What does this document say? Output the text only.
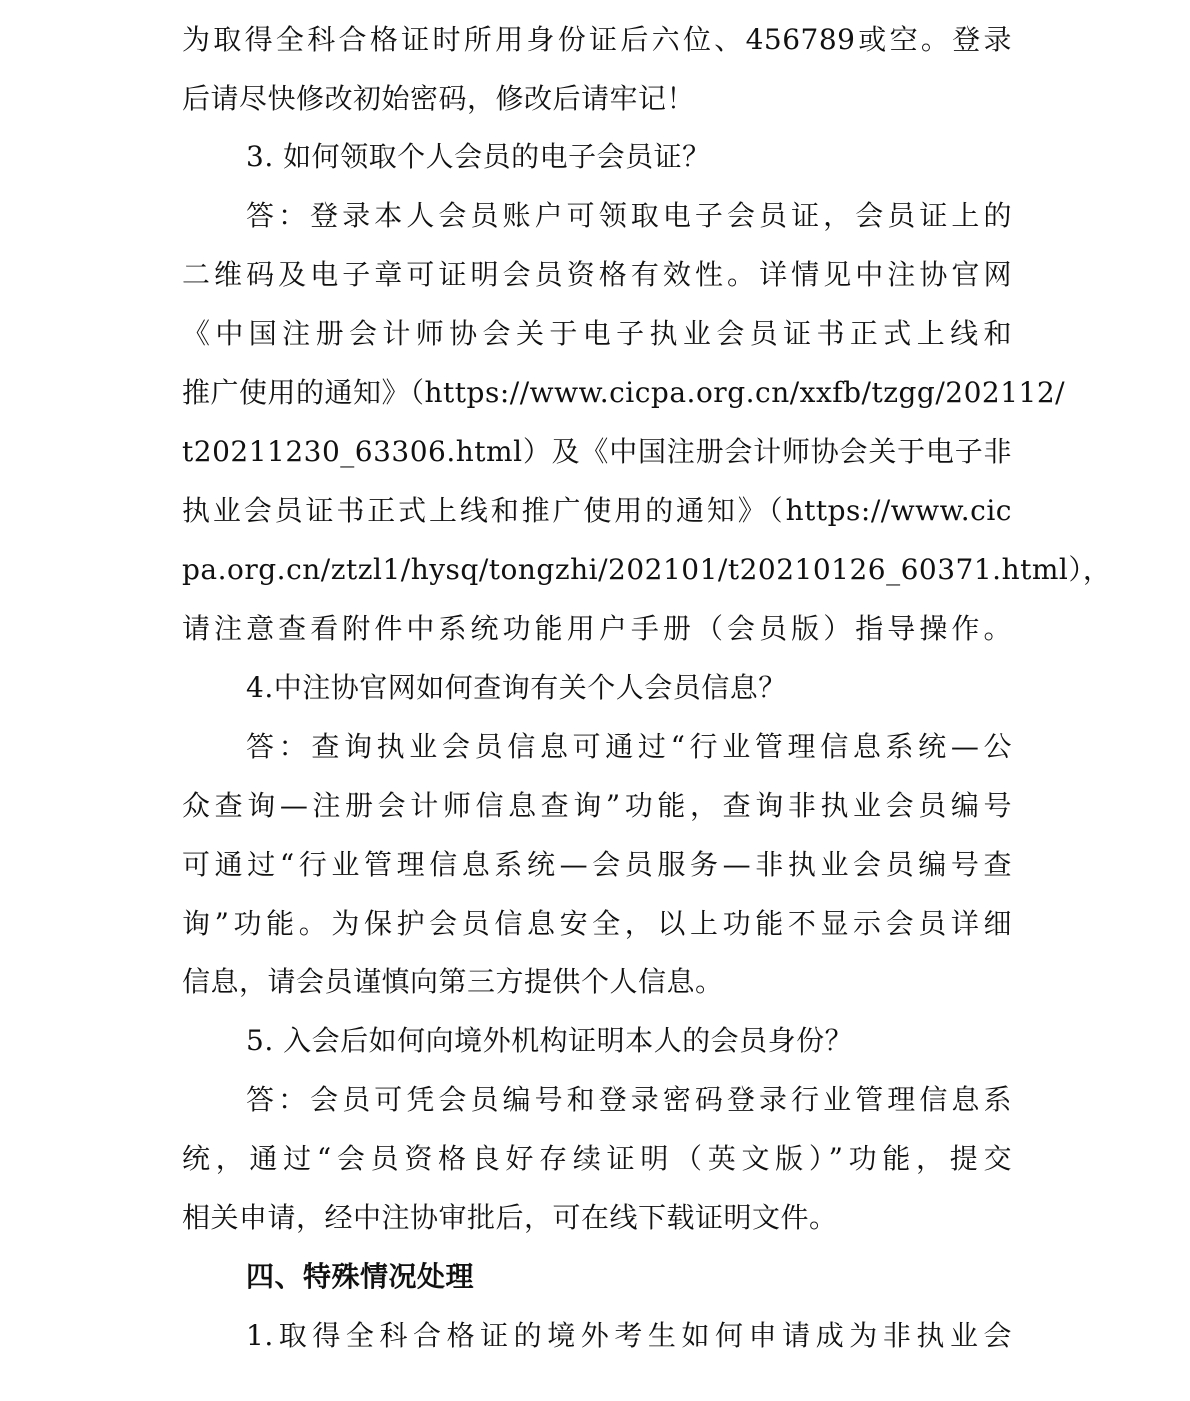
为取得全科合格证时所用身份证后六位、456789或空。登录
后请尽快修改初始密码，修改后请牢记！
3. 如何领取个人会员的电子会员证？
答：登录本人会员账户可领取电子会员证，会员证上的
二维码及电子章可证明会员资格有效性。详情见中注协官网
《中国注册会计师协会关于电子执业会员证书正式上线和
推广使用的通知》（https://www.cicpa.org.cn/xxfb/tzgg/202112/
t20211230_63306.html）及《中国注册会计师协会关于电子非
执业会员证书正式上线和推广使用的通知》（https://www.cic
pa.org.cn/ztzl1/hysq/tongzhi/202101/t20210126_60371.html），
请注意查看附件中系统功能用户手册（会员版）指导操作。
4.中注协官网如何查询有关个人会员信息？
答：查询执业会员信息可通过“行业管理信息系统—公
众查询—注册会计师信息查询”功能，查询非执业会员编号
可通过“行业管理信息系统—会员服务—非执业会员编号查
询”功能。为保护会员信息安全，以上功能不显示会员详细
信息，请会员谨慎向第三方提供个人信息。
5. 入会后如何向境外机构证明本人的会员身份？
答：会员可凭会员编号和登录密码登录行业管理信息系
统，通过“会员资格良好存续证明（英文版）”功能，提交
相关申请，经中注协审批后，可在线下载证明文件。
四、特殊情况处理
1.取得全科合格证的境外考生如何申请成为非执业会
